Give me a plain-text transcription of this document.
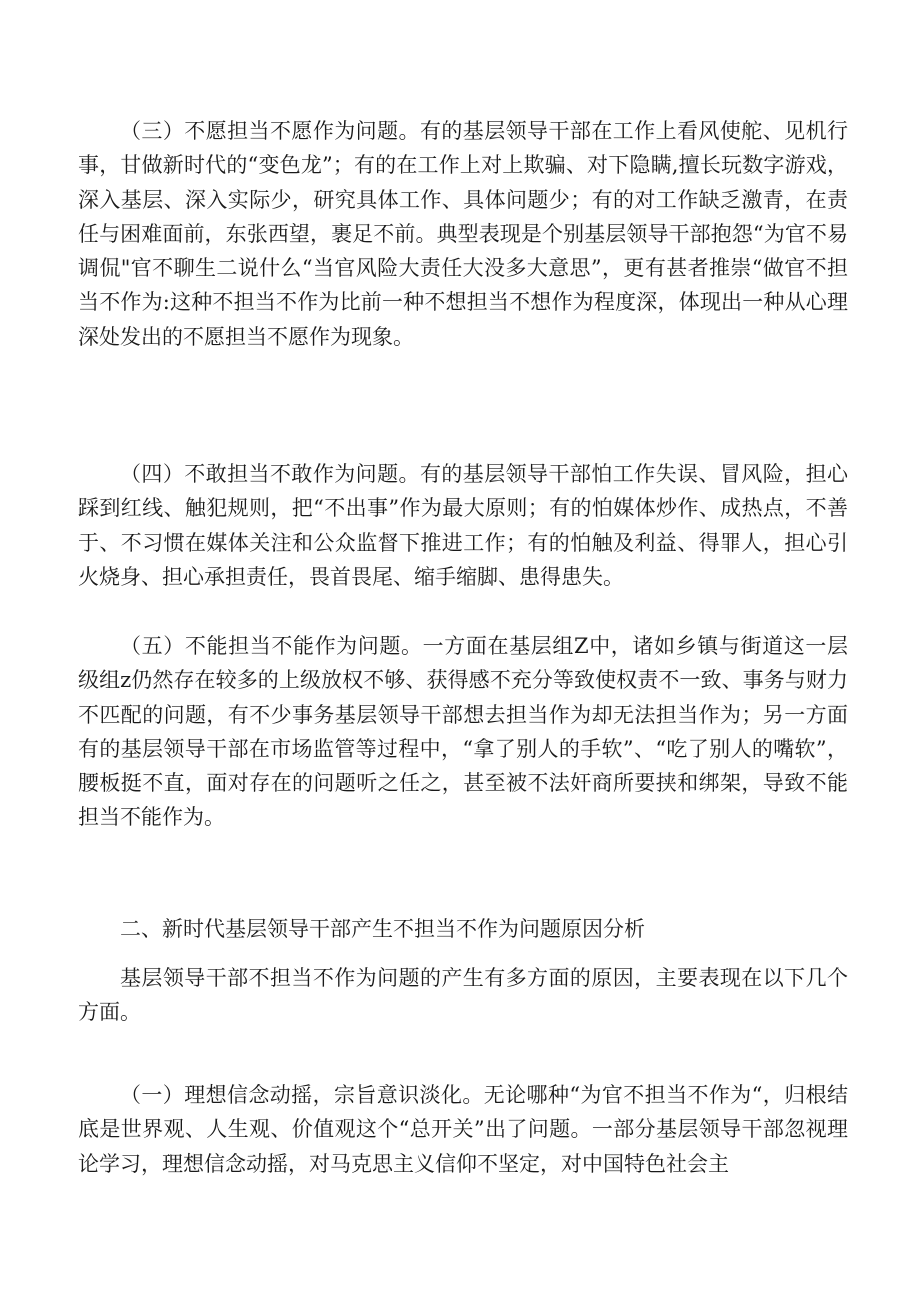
（三）不愿担当不愿作为问题。有的基层领导干部在工作上看风使舵、见机行事，甘做新时代的“变色龙”；有的在工作上对上欺骗、对下隐瞒,擅长玩数字游戏，深入基层、深入实际少，研究具体工作、具体问题少；有的对工作缺乏激青，在责任与困难面前，东张西望，裹足不前。典型表现是个别基层领导干部抱怨“为官不易调侃"官不聊生二说什么“当官风险大责任大没多大意思”，更有甚者推崇“做官不担当不作为:这种不担当不作为比前一种不想担当不想作为程度深，体现出一种从心理深处发出的不愿担当不愿作为现象。

（四）不敢担当不敢作为问题。有的基层领导干部怕工作失误、冒风险，担心踩到红线、触犯规则，把“不出事”作为最大原则；有的怕媒体炒作、成热点，不善于、不习惯在媒体关注和公众监督下推进工作；有的怕触及利益、得罪人，担心引火烧身、担心承担责任，畏首畏尾、缩手缩脚、患得患失。

（五）不能担当不能作为问题。一方面在基层组Z中，诸如乡镇与街道这一层级组z仍然存在较多的上级放权不够、获得感不充分等致使权责不一致、事务与财力不匹配的问题，有不少事务基层领导干部想去担当作为却无法担当作为；另一方面有的基层领导干部在市场监管等过程中，“拿了别人的手软”、“吃了别人的嘴软”，腰板挺不直，面对存在的问题听之任之，甚至被不法奸商所要挟和绑架，导致不能担当不能作为。

二、新时代基层领导干部产生不担当不作为问题原因分析

基层领导干部不担当不作为问题的产生有多方面的原因，主要表现在以下几个方面。

（一）理想信念动摇，宗旨意识淡化。无论哪种“为官不担当不作为“，归根结底是世界观、人生观、价值观这个“总开关”出了问题。一部分基层领导干部忽视理论学习，理想信念动摇，对马克思主义信仰不坚定，对中国特色社会主
